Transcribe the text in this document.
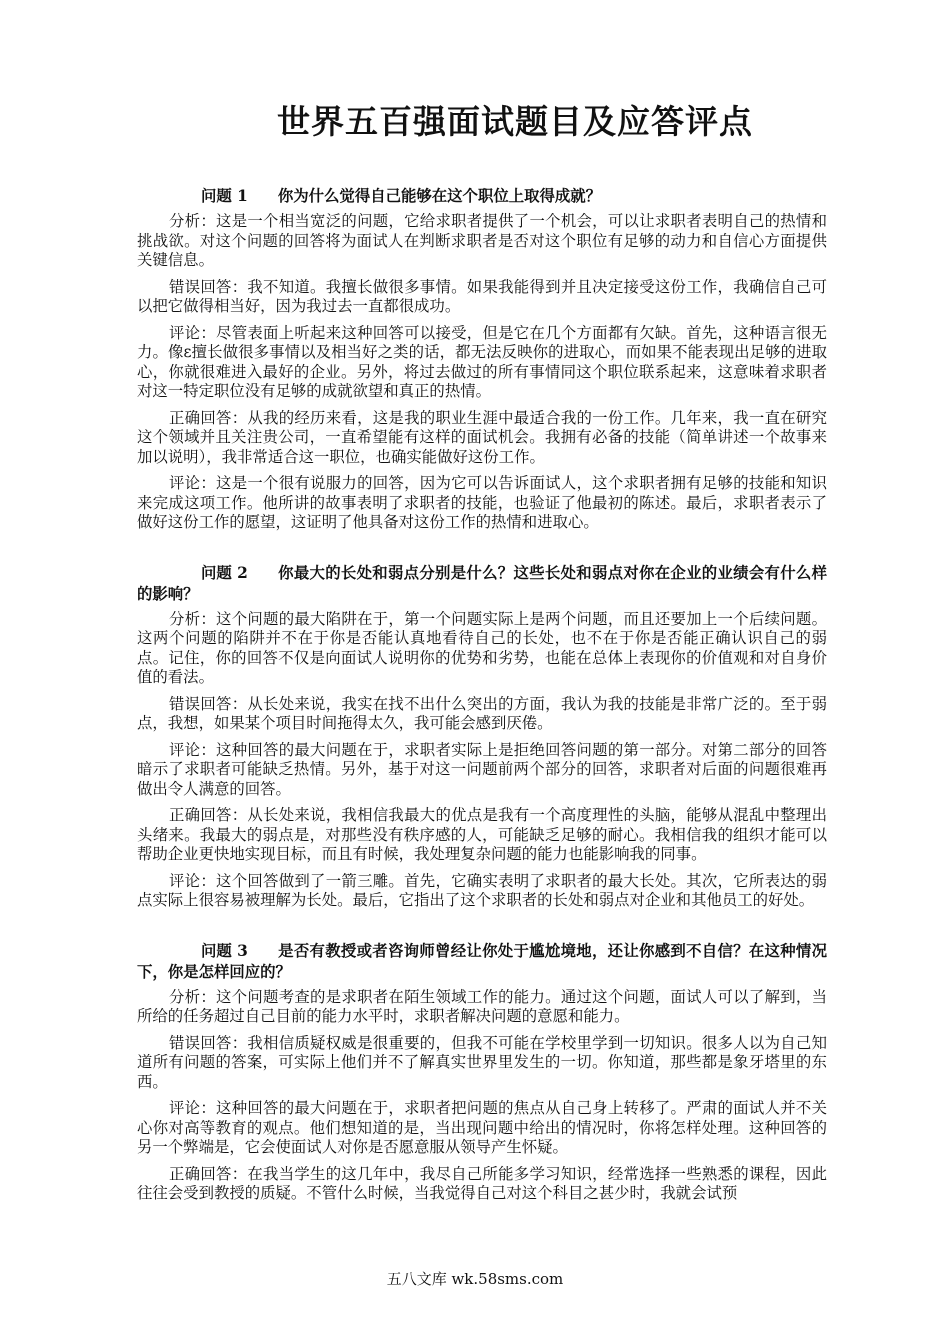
世界五百强面试题目及应答评点
问题 1 你为什么觉得自己能够在这个职位上取得成就？

分析：这是一个相当宽泛的问题，它给求职者提供了一个机会，可以让求职者表明自己的热情和挑战欲。对这个问题的回答将为面试人在判断求职者是否对这个职位有足够的动力和自信心方面提供关键信息。

错误回答：我不知道。我擅长做很多事情。如果我能得到并且决定接受这份工作，我确信自己可以把它做得相当好，因为我过去一直都很成功。

评论：尽管表面上听起来这种回答可以接受，但是它在几个方面都有欠缺。首先，这种语言很无力。像ε擅长做很多事情以及相当好之类的话，都无法反映你的进取心，而如果不能表现出足够的进取心，你就很难进入最好的企业。另外，将过去做过的所有事情同这个职位联系起来，这意味着求职者对这一特定职位没有足够的成就欲望和真正的热情。

正确回答：从我的经历来看，这是我的职业生涯中最适合我的一份工作。几年来，我一直在研究这个领域并且关注贵公司，一直希望能有这样的面试机会。我拥有必备的技能（简单讲述一个故事来加以说明），我非常适合这一职位，也确实能做好这份工作。

评论：这是一个很有说服力的回答，因为它可以告诉面试人，这个求职者拥有足够的技能和知识来完成这项工作。他所讲的故事表明了求职者的技能，也验证了他最初的陈述。最后，求职者表示了做好这份工作的愿望，这证明了他具备对这份工作的热情和进取心。

问题 2 你最大的长处和弱点分别是什么？这些长处和弱点对你在企业的业绩会有什么样的影响？

分析：这个问题的最大陷阱在于，第一个问题实际上是两个问题，而且还要加上一个后续问题。这两个问题的陷阱并不在于你是否能认真地看待自己的长处，也不在于你是否能正确认识自己的弱点。记住，你的回答不仅是向面试人说明你的优势和劣势，也能在总体上表现你的价值观和对自身价值的看法。

错误回答：从长处来说，我实在找不出什么突出的方面，我认为我的技能是非常广泛的。至于弱点，我想，如果某个项目时间拖得太久，我可能会感到厌倦。

评论：这种回答的最大问题在于，求职者实际上是拒绝回答问题的第一部分。对第二部分的回答暗示了求职者可能缺乏热情。另外，基于对这一问题前两个部分的回答，求职者对后面的问题很难再做出令人满意的回答。

正确回答：从长处来说，我相信我最大的优点是我有一个高度理性的头脑，能够从混乱中整理出头绪来。我最大的弱点是，对那些没有秩序感的人，可能缺乏足够的耐心。我相信我的组织才能可以帮助企业更快地实现目标，而且有时候，我处理复杂问题的能力也能影响我的同事。

评论：这个回答做到了一箭三雕。首先，它确实表明了求职者的最大长处。其次，它所表达的弱点实际上很容易被理解为长处。最后，它指出了这个求职者的长处和弱点对企业和其他员工的好处。

问题 3 是否有教授或者咨询师曾经让你处于尴尬境地，还让你感到不自信？在这种情况下，你是怎样回应的？

分析：这个问题考查的是求职者在陌生领域工作的能力。通过这个问题，面试人可以了解到，当所给的任务超过自己目前的能力水平时，求职者解决问题的意愿和能力。

错误回答：我相信质疑权威是很重要的，但我不可能在学校里学到一切知识。很多人以为自己知道所有问题的答案，可实际上他们并不了解真实世界里发生的一切。你知道，那些都是象牙塔里的东西。

评论：这种回答的最大问题在于，求职者把问题的焦点从自己身上转移了。严肃的面试人并不关心你对高等教育的观点。他们想知道的是，当出现问题中给出的情况时，你将怎样处理。这种回答的另一个弊端是，它会使面试人对你是否愿意服从领导产生怀疑。

正确回答：在我当学生的这几年中，我尽自己所能多学习知识，经常选择一些熟悉的课程，因此往往会受到教授的质疑。不管什么时候，当我觉得自己对这个科目之甚少时，我就会试预

五八文库 wk.58sms.com
